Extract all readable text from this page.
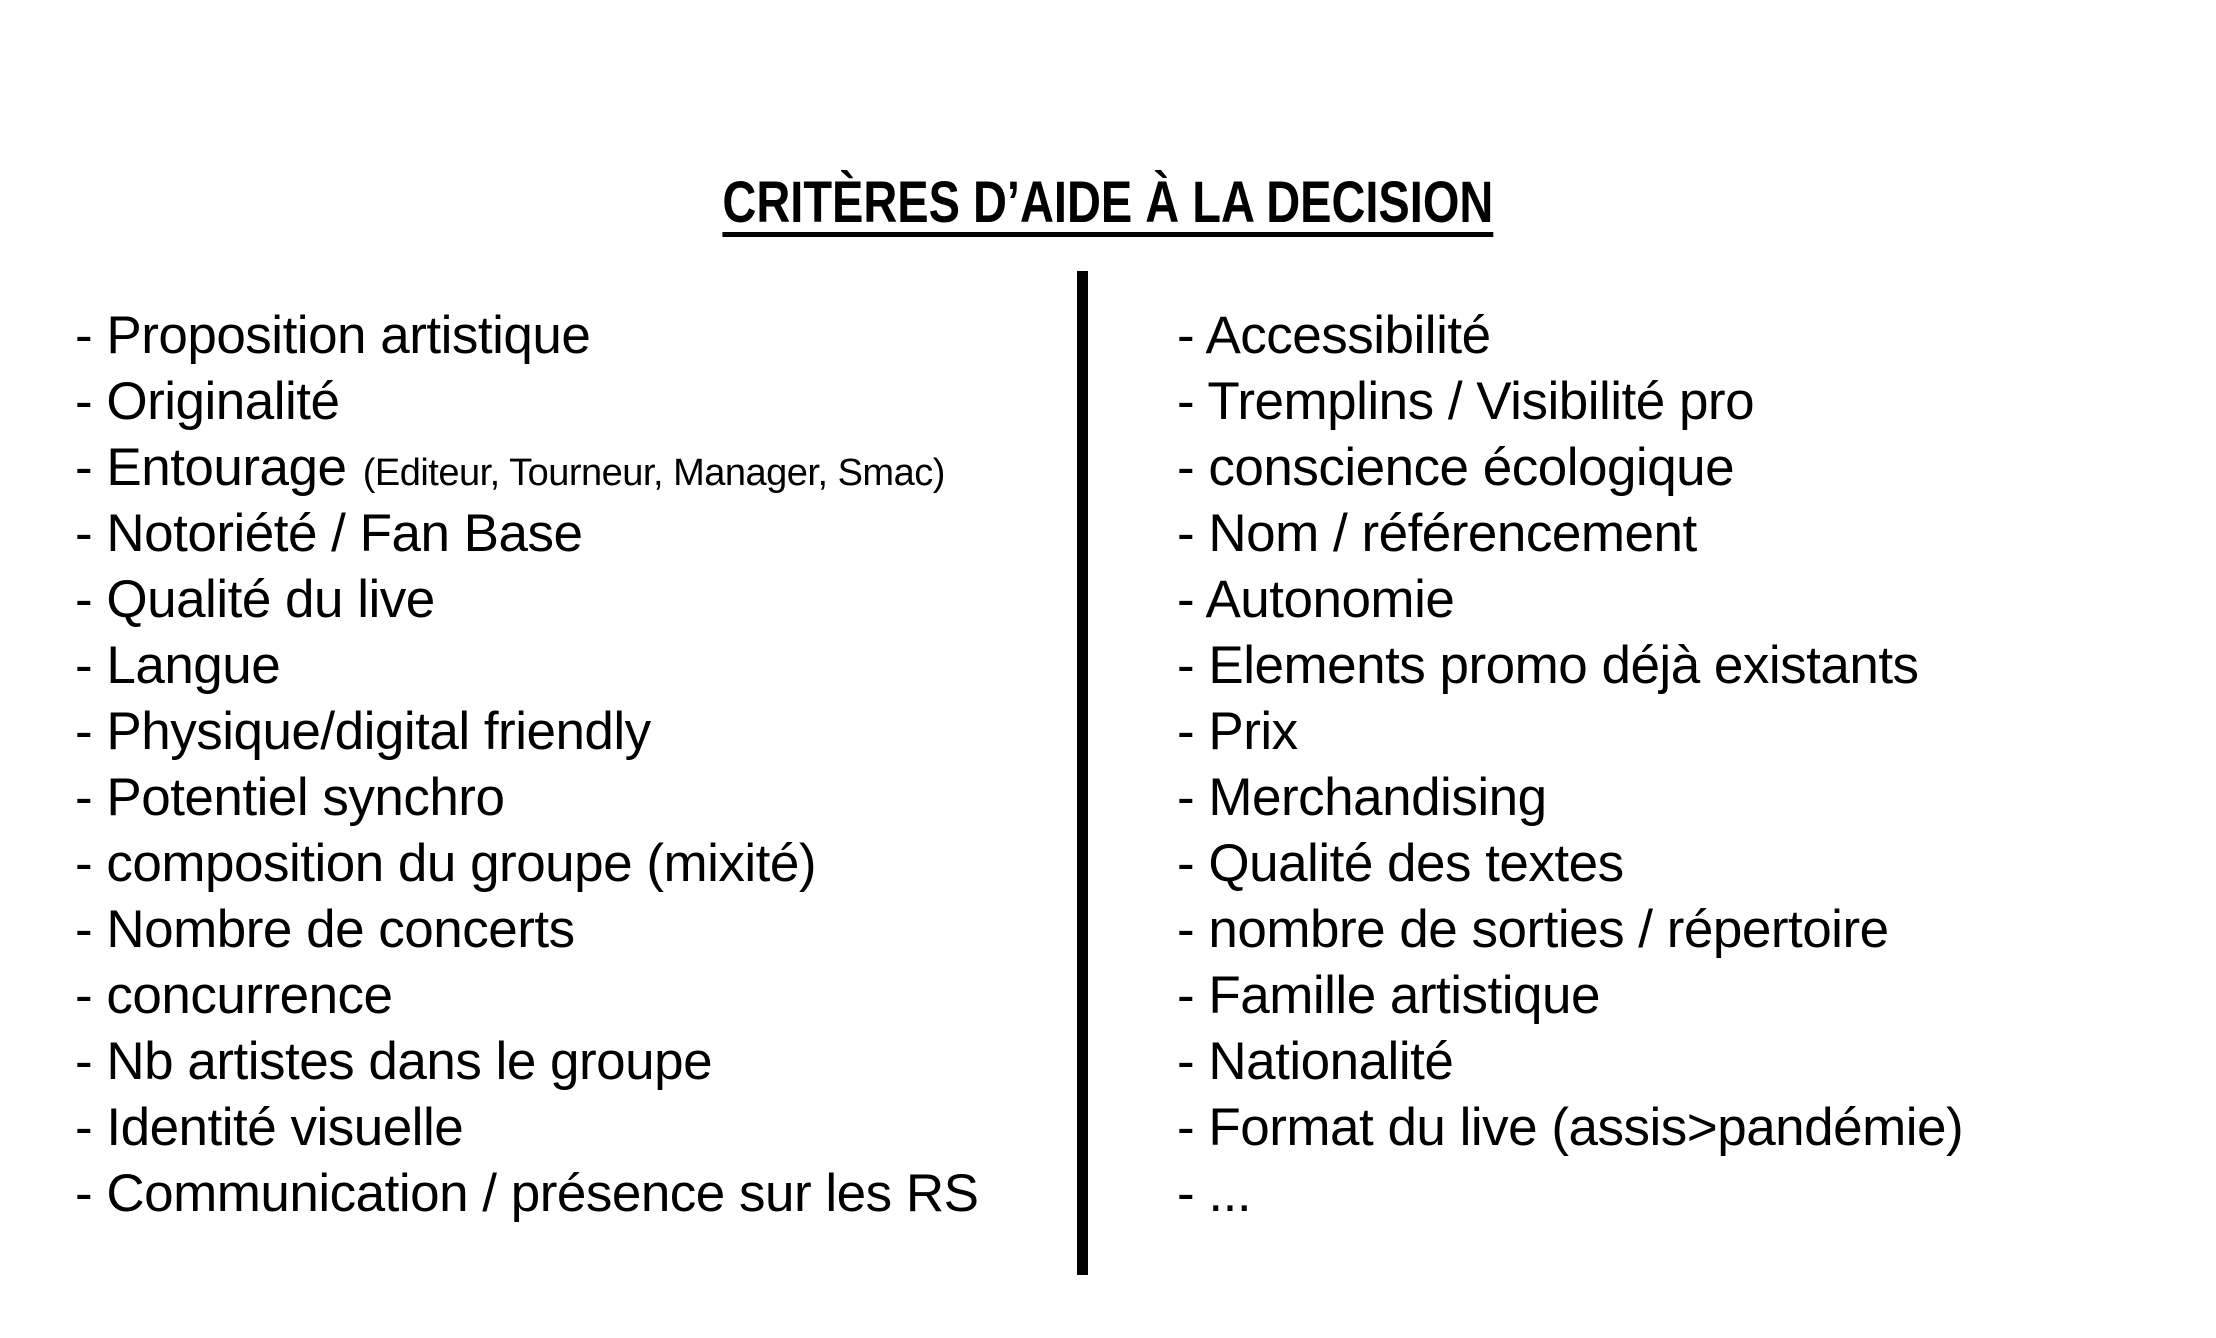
CRITÈRES D’AIDE À LA DECISION
- Proposition artistique
- Originalité
- Entourage (Editeur, Tourneur, Manager, Smac)
- Notoriété / Fan Base
- Qualité du live
- Langue
- Physique/digital friendly
- Potentiel synchro
- composition du groupe (mixité)
- Nombre de concerts
- concurrence
- Nb artistes dans le groupe
- Identité visuelle
- Communication / présence sur les RS
- Accessibilité
- Tremplins / Visibilité pro
- conscience écologique
- Nom / référencement
- Autonomie
- Elements promo déjà existants
- Prix
- Merchandising
- Qualité des textes
- nombre de sorties / répertoire
- Famille artistique
- Nationalité
- Format du live (assis>pandémie)
- ...
